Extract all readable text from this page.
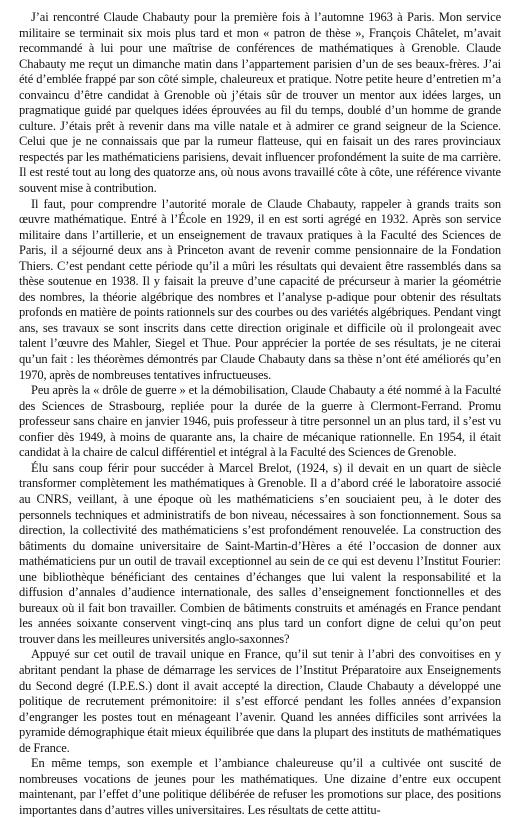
J’ai rencontré Claude Chabauty pour la première fois à l’automne 1963 à Paris. Mon service militaire se terminait six mois plus tard et mon « patron de thèse », François Châtelet, m’avait recommandé à lui pour une maîtrise de conférences de mathématiques à Grenoble. Claude Chabauty me reçut un dimanche matin dans l’appartement parisien d’un de ses beaux-frères. J’ai été d’emblée frappé par son côté simple, chaleureux et pratique. Notre petite heure d’entretien m’a convaincu d’être candidat à Grenoble où j’étais sûr de trouver un mentor aux idées larges, un pragmatique guidé par quelques idées éprouvées au fil du temps, doublé d’un homme de grande culture. J’étais prêt à revenir dans ma ville natale et à admirer ce grand seigneur de la Science. Celui que je ne connaissais que par la rumeur flatteuse, qui en faisait un des rares provinciaux respectés par les mathématiciens parisiens, devait influencer profondément la suite de ma carrière. Il est resté tout au long des quatorze ans, où nous avons travaillé côte à côte, une référence vivante souvent mise à contribution.

Il faut, pour comprendre l’autorité morale de Claude Chabauty, rappeler à grands traits son œuvre mathématique. Entré à l’École en 1929, il en est sorti agrégé en 1932. Après son service militaire dans l’artillerie, et un enseignement de travaux pratiques à la Faculté des Sciences de Paris, il a séjourné deux ans à Princeton avant de revenir comme pensionnaire de la Fondation Thiers. C’est pendant cette période qu’il a mûri les résultats qui devaient être rassemblés dans sa thèse soutenue en 1938. Il y faisait la preuve d’une capacité de précurseur à marier la géométrie des nombres, la théorie algébrique des nombres et l’analyse p-adique pour obtenir des résultats profonds en matière de points rationnels sur des courbes ou des variétés algébriques. Pendant vingt ans, ses travaux se sont inscrits dans cette direction originale et difficile où il prolongeait avec talent l’œuvre des Mahler, Siegel et Thue. Pour apprécier la portée de ses résultats, je ne citerai qu’un fait : les théorèmes démontrés par Claude Chabauty dans sa thèse n’ont été améliorés qu’en 1970, après de nombreuses tentatives infructueuses.

Peu après la « drôle de guerre » et la démobilisation, Claude Chabauty a été nommé à la Faculté des Sciences de Strasbourg, repliée pour la durée de la guerre à Clermont-Ferrand. Promu professeur sans chaire en janvier 1946, puis professeur à titre personnel un an plus tard, il s’est vu confier dès 1949, à moins de quarante ans, la chaire de mécanique rationnelle. En 1954, il était candidat à la chaire de calcul différentiel et intégral à la Faculté des Sciences de Grenoble.

Élu sans coup férir pour succéder à Marcel Brelot, (1924, s) il devait en un quart de siècle transformer complètement les mathématiques à Grenoble. Il a d’abord créé le laboratoire associé au CNRS, veillant, à une époque où les mathématiciens s’en souciaient peu, à le doter des personnels techniques et administratifs de bon niveau, nécessaires à son fonctionnement. Sous sa direction, la collectivité des mathématiciens s’est profondément renouvelée. La construction des bâtiments du domaine universitaire de Saint-Martin-d’Hères a été l’occasion de donner aux mathématiciens pur un outil de travail exceptionnel au sein de ce qui est devenu l’Institut Fourier: une bibliothèque bénéficiant des centaines d’échanges que lui valent la responsabilité et la diffusion d’annales d’audience internationale, des salles d’enseignement fonctionnelles et des bureaux où il fait bon travailler. Combien de bâtiments construits et aménagés en France pendant les années soixante conservent vingt-cinq ans plus tard un confort digne de celui qu’on peut trouver dans les meilleures universités anglo-saxonnes?

Appuyé sur cet outil de travail unique en France, qu’il sut tenir à l’abri des convoitises en y abritant pendant la phase de démarrage les services de l’Institut Préparatoire aux Enseignements du Second degré (I.P.E.S.) dont il avait accepté la direction, Claude Chabauty a développé une politique de recrutement prémonitoire: il s’est efforcé pendant les folles années d’expansion d’engranger les postes tout en ménageant l’avenir. Quand les années difficiles sont arrivées la pyramide démographique était mieux équilibrée que dans la plupart des instituts de mathématiques de France.

En même temps, son exemple et l’ambiance chaleureuse qu’il a cultivée ont suscité de nombreuses vocations de jeunes pour les mathématiques. Une dizaine d’entre eux occupent maintenant, par l’effet d’une politique délibérée de refuser les promotions sur place, des positions importantes dans d’autres villes universitaires. Les résultats de cette attitu-
